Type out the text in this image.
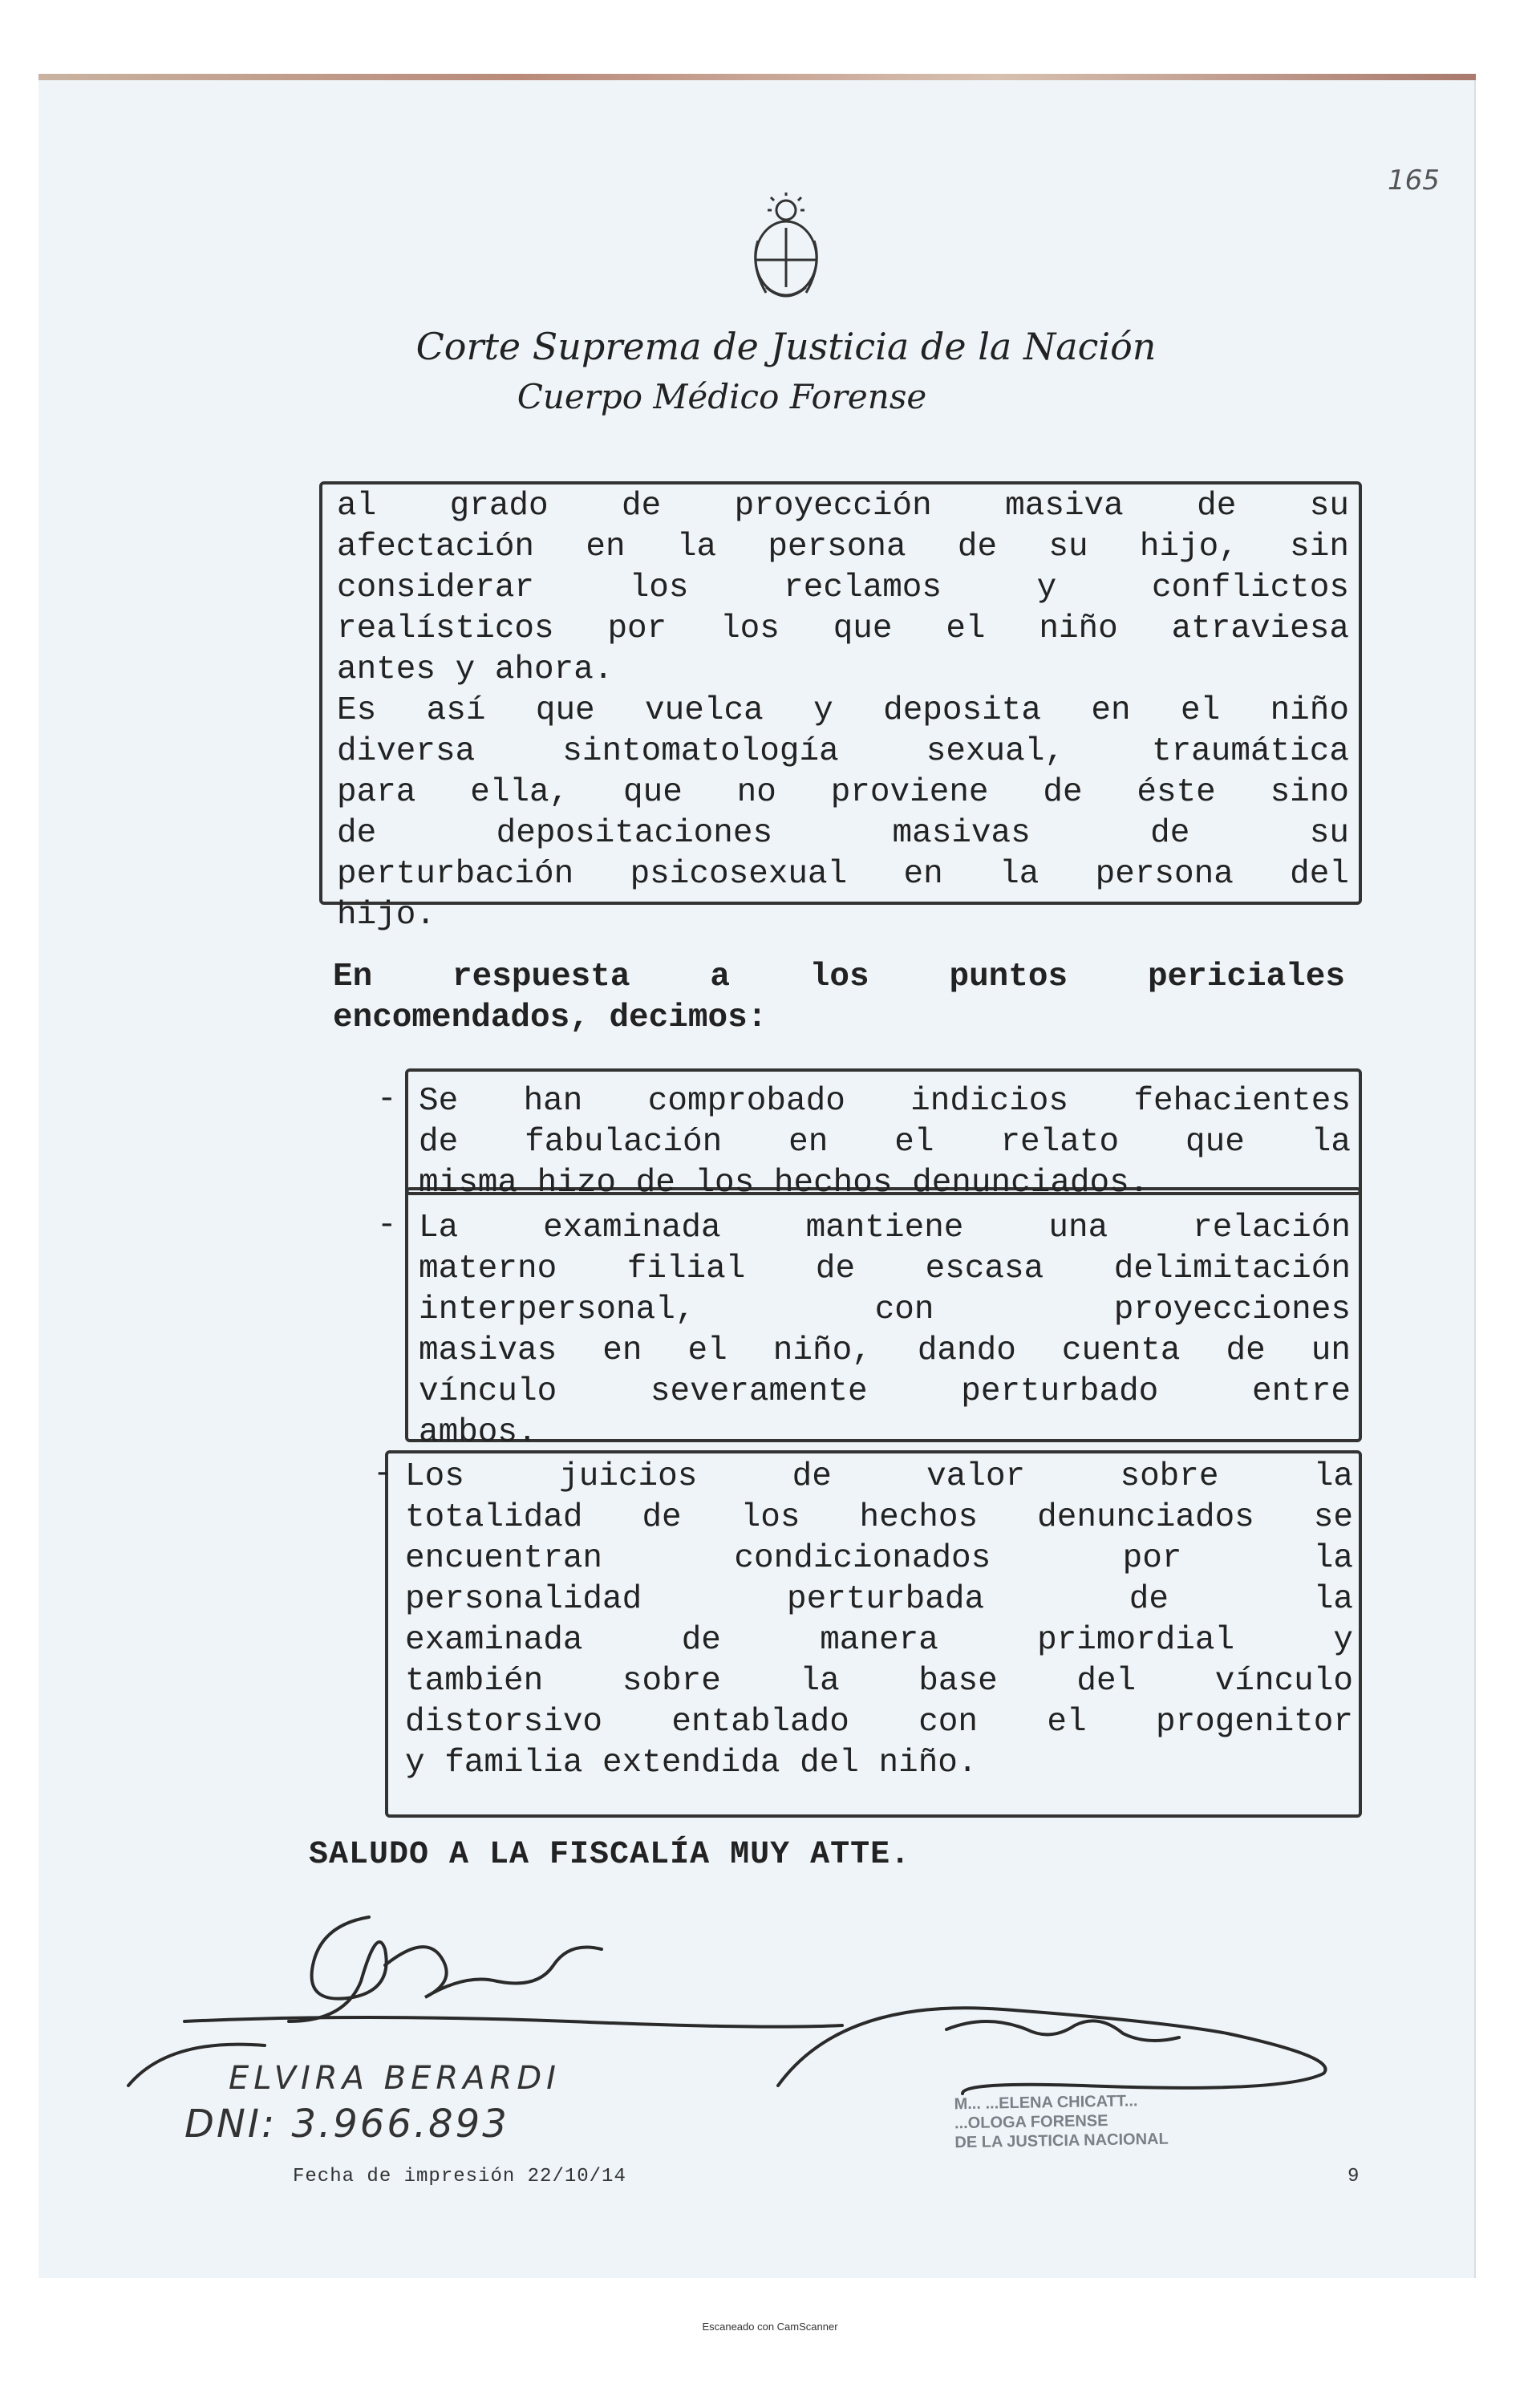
165
Corte Suprema de Justicia de la Nación
Cuerpo Médico Forense
al grado de proyección masiva de su
afectación en la persona de su hijo, sin
considerar los reclamos y conflictos
realísticos por los que el niño atraviesa
antes y ahora.
Es así que vuelca y deposita en el niño
diversa sintomatología sexual, traumática
para ella, que no proviene de éste sino
de depositaciones masivas de su
perturbación psicosexual en la persona del
hijo.
En respuesta a los puntos periciales
encomendados, decimos:
- Se han comprobado indicios fehacientes
de fabulación en el relato que la
misma hizo de los hechos denunciados.
- La examinada mantiene una relación
materno filial de escasa delimitación
interpersonal, con proyecciones
masivas en el niño, dando cuenta de un
vínculo severamente perturbado entre
ambos.
- Los juicios de valor sobre la
totalidad de los hechos denunciados se
encuentran condicionados por la
personalidad perturbada de la
examinada de manera primordial y
también sobre la base del vínculo
distorsivo entablado con el progenitor
y familia extendida del niño.
SALUDO A LA FISCALÍA MUY ATTE.
ELVIRA BERARDI
DNI: 3.966.893	M... ...ELENA CHICATT...
...OLOGA FORENSE
DE LA JUSTICIA NACIONAL
Fecha de impresión 22/10/14	9
Escaneado con CamScanner
